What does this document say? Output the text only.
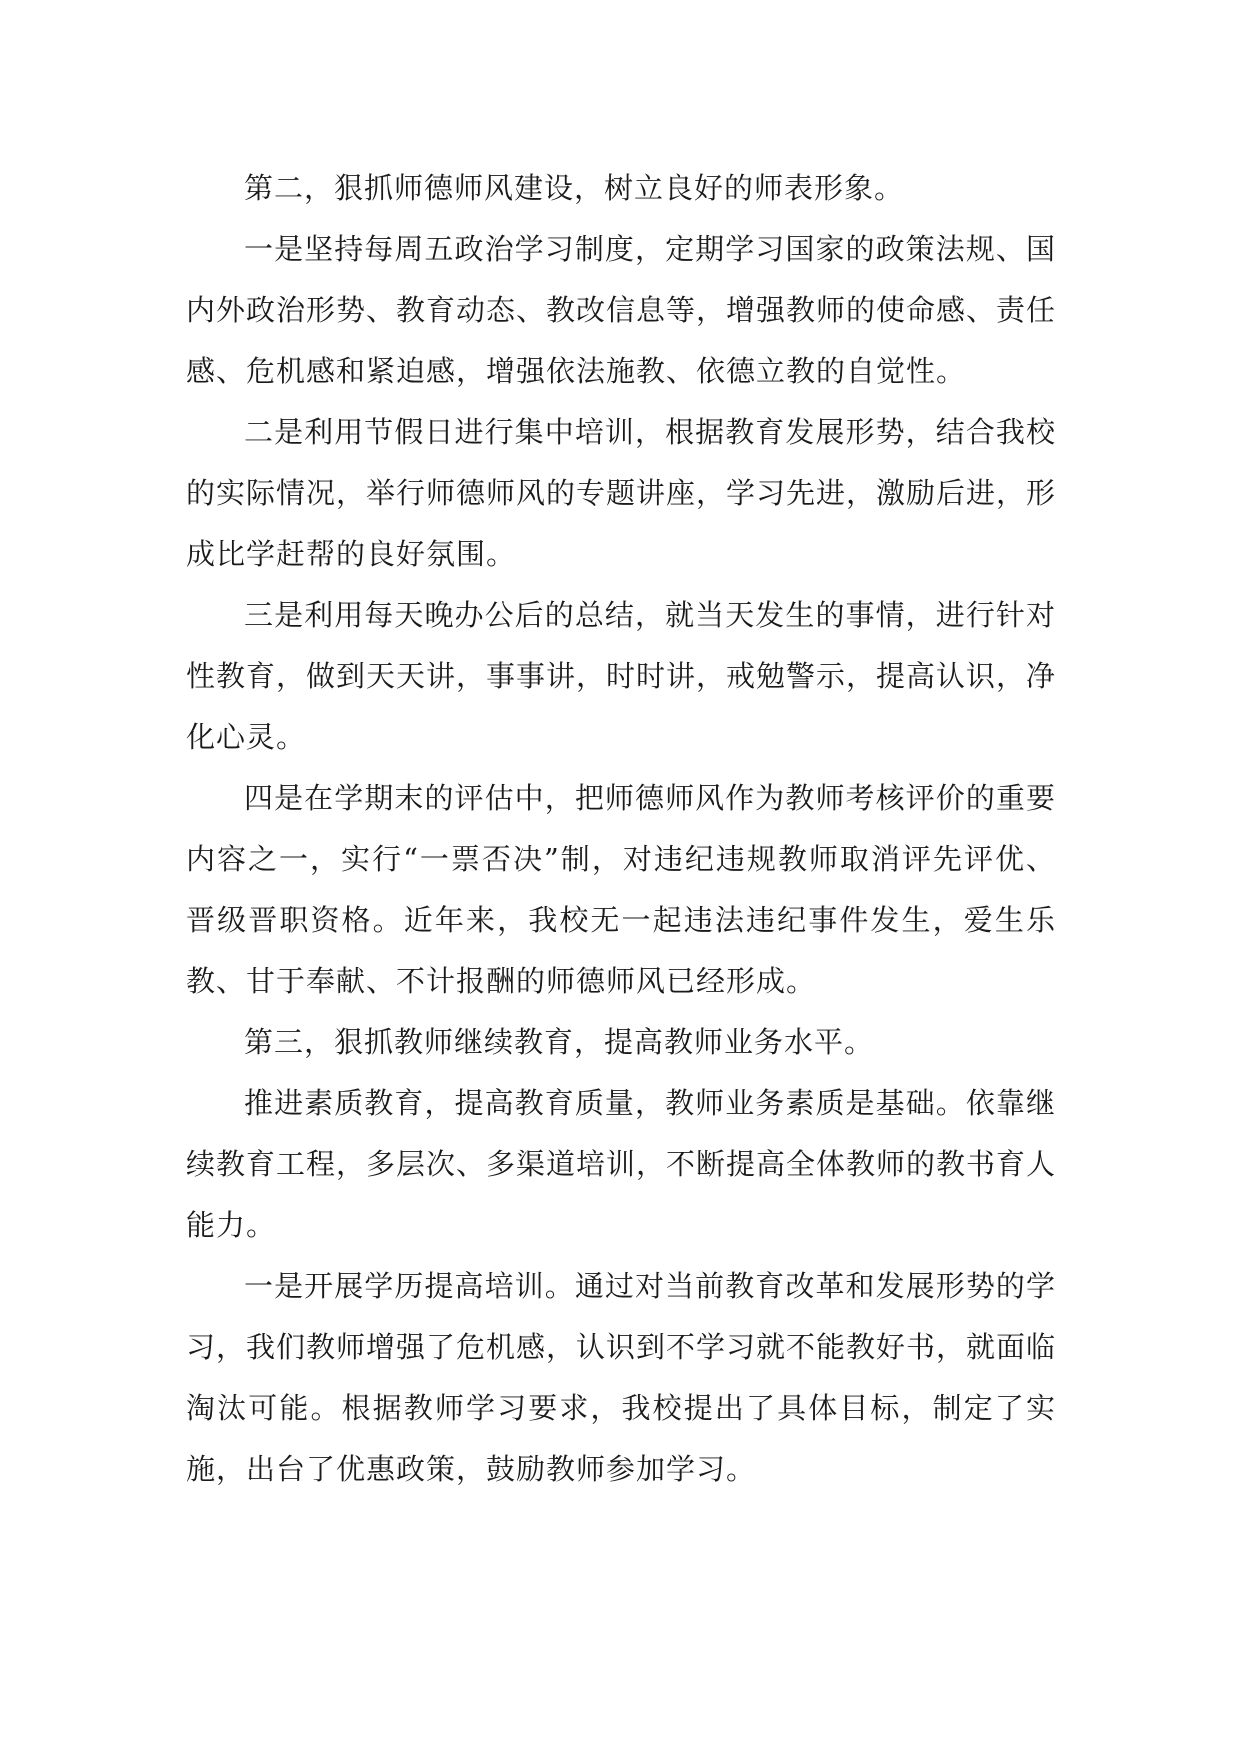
第二，狠抓师德师风建设，树立良好的师表形象。

一是坚持每周五政治学习制度，定期学习国家的政策法规、国内外政治形势、教育动态、教改信息等，增强教师的使命感、责任感、危机感和紧迫感，增强依法施教、依德立教的自觉性。

二是利用节假日进行集中培训，根据教育发展形势，结合我校的实际情况，举行师德师风的专题讲座，学习先进，激励后进，形成比学赶帮的良好氛围。

三是利用每天晚办公后的总结，就当天发生的事情，进行针对性教育，做到天天讲，事事讲，时时讲，戒勉警示，提高认识，净化心灵。

四是在学期末的评估中，把师德师风作为教师考核评价的重要内容之一，实行“一票否决”制，对违纪违规教师取消评先评优、晋级晋职资格。近年来，我校无一起违法违纪事件发生，爱生乐教、甘于奉献、不计报酬的师德师风已经形成。

第三，狠抓教师继续教育，提高教师业务水平。

推进素质教育，提高教育质量，教师业务素质是基础。依靠继续教育工程，多层次、多渠道培训，不断提高全体教师的教书育人能力。

一是开展学历提高培训。通过对当前教育改革和发展形势的学习，我们教师增强了危机感，认识到不学习就不能教好书，就面临淘汰可能。根据教师学习要求，我校提出了具体目标，制定了实施，出台了优惠政策，鼓励教师参加学习。
